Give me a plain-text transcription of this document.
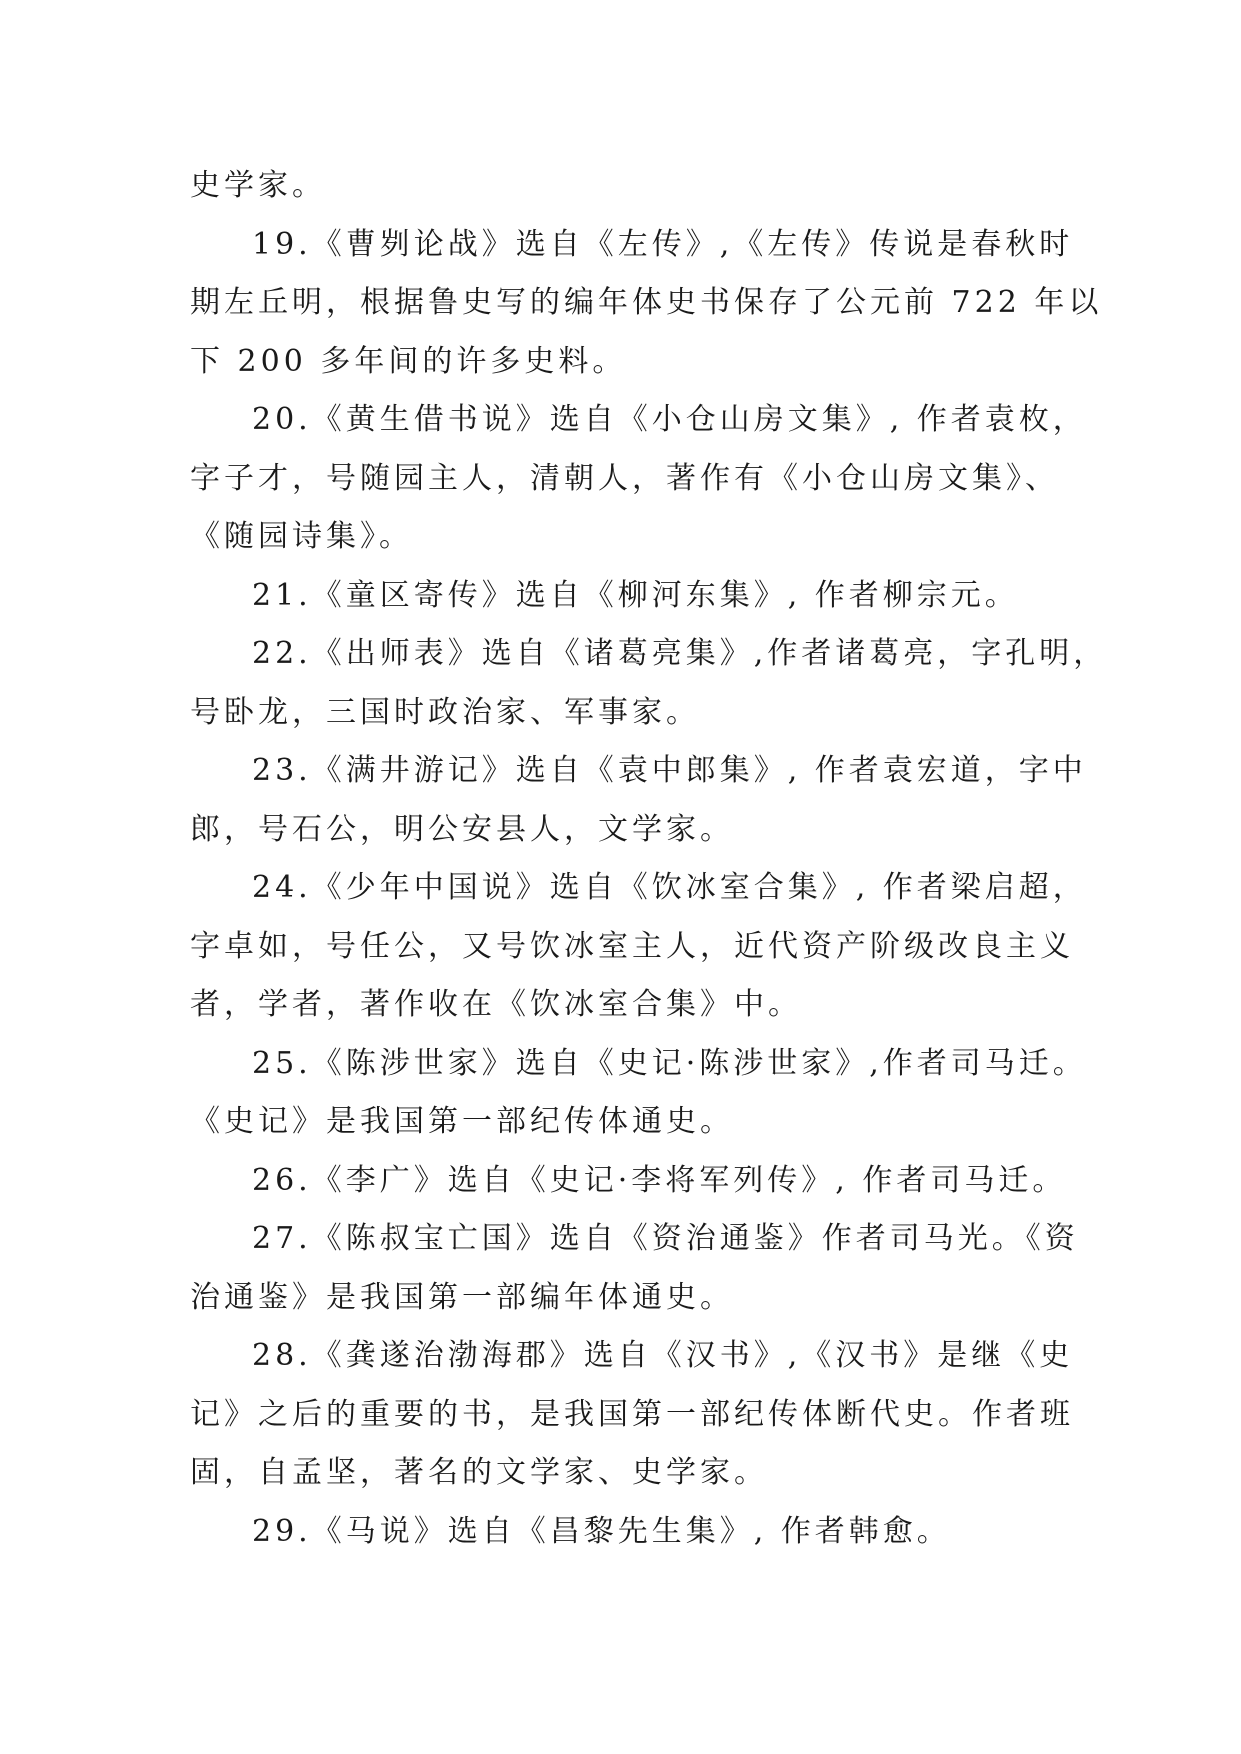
史学家。
19.《曹刿论战》选自《左传》,《左传》传说是春秋时
期左丘明，根据鲁史写的编年体史书保存了公元前 722 年以
下 200 多年间的许多史料。
20.《黄生借书说》选自《小仓山房文集》, 作者袁枚，
字子才，号随园主人，清朝人，著作有《小仓山房文集》、
《随园诗集》。
21.《童区寄传》选自《柳河东集》, 作者柳宗元。
22.《出师表》选自《诸葛亮集》,作者诸葛亮，字孔明，
号卧龙，三国时政治家、军事家。
23.《满井游记》选自《袁中郎集》, 作者袁宏道，字中
郎，号石公，明公安县人，文学家。
24.《少年中国说》选自《饮冰室合集》, 作者梁启超，
字卓如，号任公，又号饮冰室主人，近代资产阶级改良主义
者，学者，著作收在《饮冰室合集》中。
25.《陈涉世家》选自《史记·陈涉世家》,作者司马迁。
《史记》是我国第一部纪传体通史。
26.《李广》选自《史记·李将军列传》, 作者司马迁。
27.《陈叔宝亡国》选自《资治通鉴》作者司马光。《资
治通鉴》是我国第一部编年体通史。
28.《龚遂治渤海郡》选自《汉书》,《汉书》是继《史
记》之后的重要的书，是我国第一部纪传体断代史。作者班
固，自孟坚，著名的文学家、史学家。
29.《马说》选自《昌黎先生集》, 作者韩愈。
